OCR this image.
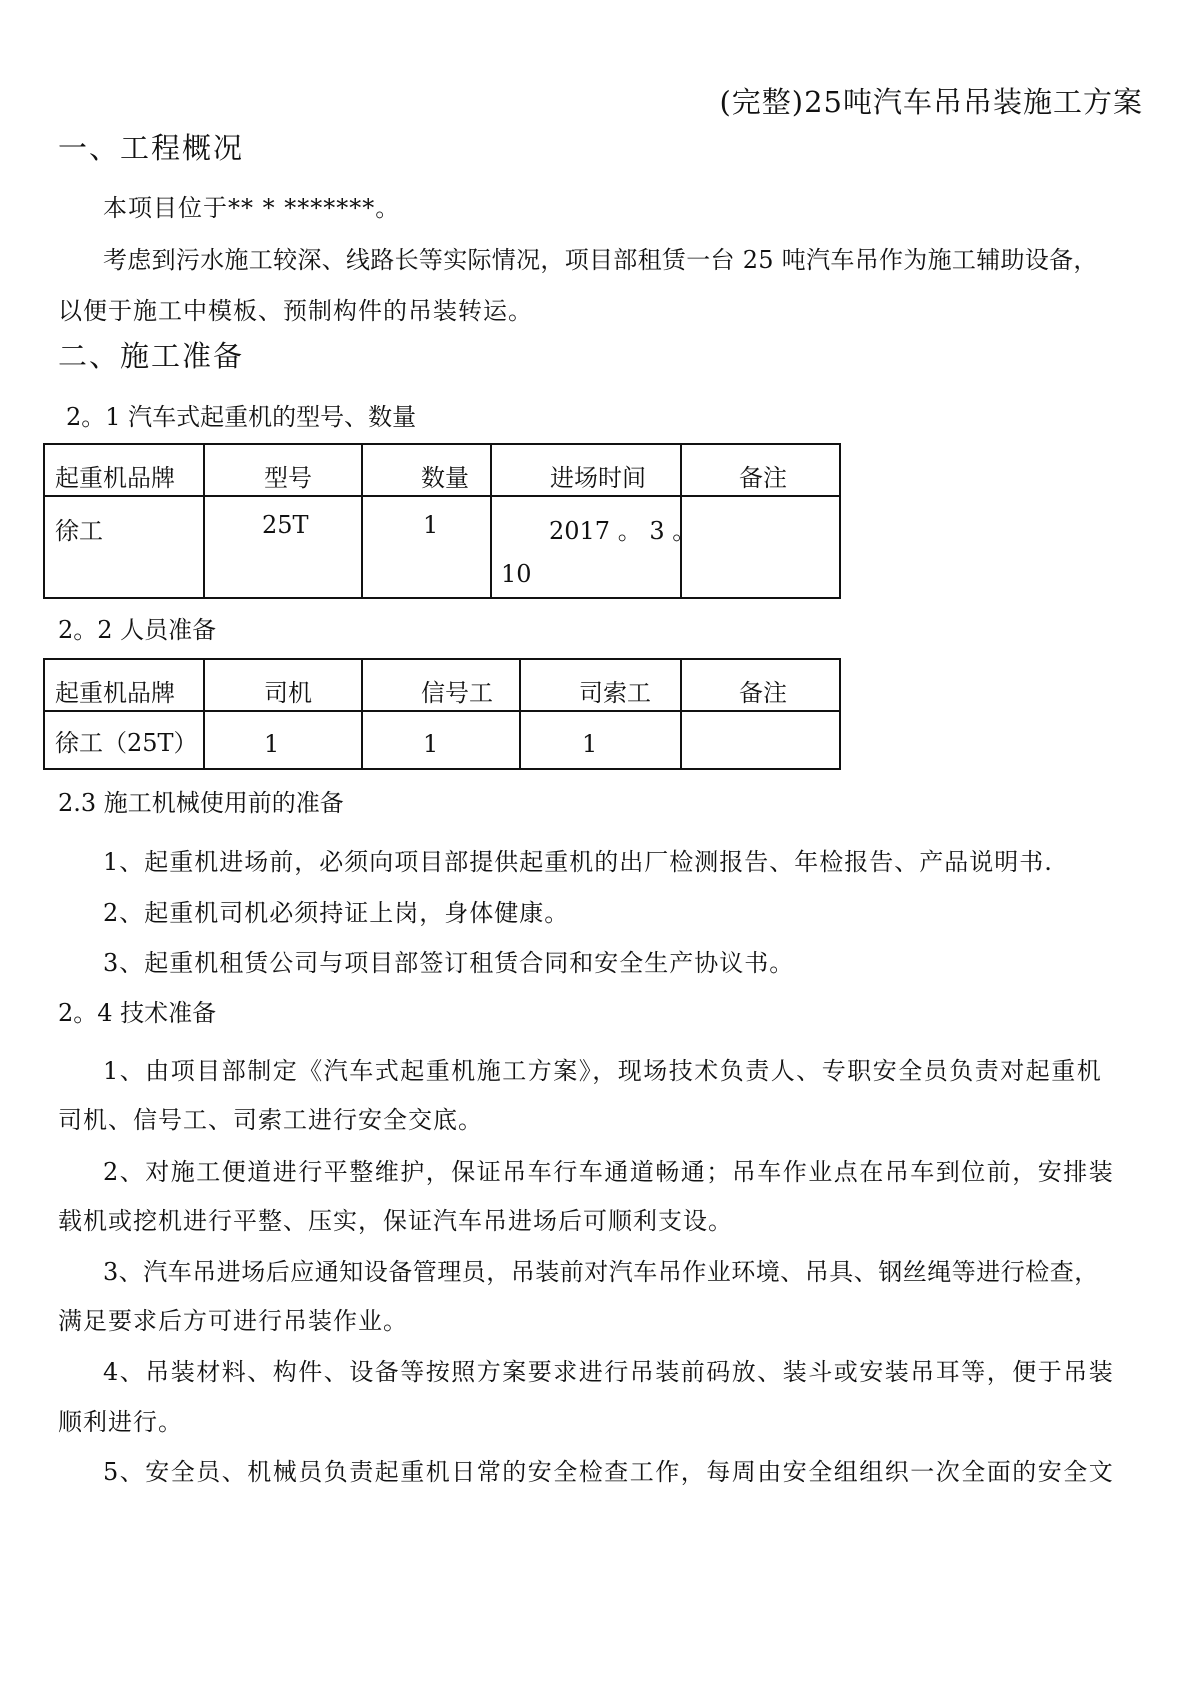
(完整)25吨汽车吊吊装施工方案
一、工程概况
本项目位于** * *******。
考虑到污水施工较深、线路长等实际情况，项目部租赁一台 25 吨汽车吊作为施工辅助设备，
以便于施工中模板、预制构件的吊装转运。
二、施工准备
2。1 汽车式起重机的型号、数量
起重机品牌	型号	数量	进场时间	备注

徐工	25T	1	2017 。 3 。
10	

2。2 人员准备
起重机品牌	司机	信号工	司索工	备注

徐工（25T）	1	1	1	

2.3 施工机械使用前的准备
1、起重机进场前，必须向项目部提供起重机的出厂检测报告、年检报告、产品说明书.
2、起重机司机必须持证上岗，身体健康。
3、起重机租赁公司与项目部签订租赁合同和安全生产协议书。
2。4 技术准备
1、由项目部制定《汽车式起重机施工方案》，现场技术负责人、专职安全员负责对起重机
司机、信号工、司索工进行安全交底。
2、对施工便道进行平整维护，保证吊车行车通道畅通；吊车作业点在吊车到位前，安排装
载机或挖机进行平整、压实，保证汽车吊进场后可顺利支设。
3、汽车吊进场后应通知设备管理员，吊装前对汽车吊作业环境、吊具、钢丝绳等进行检查，
满足要求后方可进行吊装作业。
4、吊装材料、构件、设备等按照方案要求进行吊装前码放、装斗或安装吊耳等，便于吊装
顺利进行。
5、安全员、机械员负责起重机日常的安全检查工作，每周由安全组组织一次全面的安全文
